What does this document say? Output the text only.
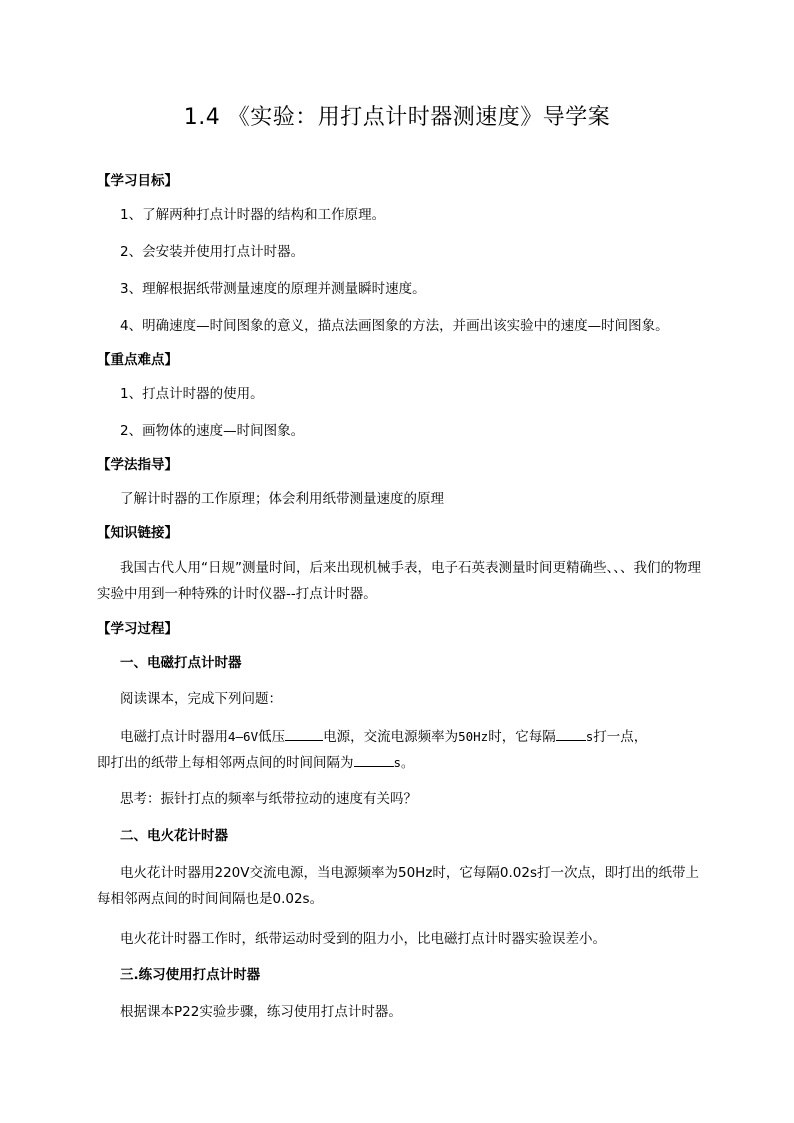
1.4 《实验：用打点计时器测速度》导学案
【学习目标】
1、了解两种打点计时器的结构和工作原理。
2、会安装并使用打点计时器。
3、理解根据纸带测量速度的原理并测量瞬时速度。
4、明确速度—时间图象的意义，描点法画图象的方法，并画出该实验中的速度—时间图象。
【重点难点】
1、打点计时器的使用。
2、画物体的速度—时间图象。
【学法指导】
了解计时器的工作原理；体会利用纸带测量速度的原理
【知识链接】
我国古代人用“日规”测量时间，后来出现机械手表，电子石英表测量时间更精确些、、、我们的物理实验中用到一种特殊的计时仪器--打点计时器。
【学习过程】
一、电磁打点计时器
阅读课本，完成下列问题：
电磁打点计时器用4—6V低压	电源，交流电源频率为50Hz时，它每隔 s打一点，
即打出的纸带上每相邻两点间的时间间隔为	s。
思考：振针打点的频率与纸带拉动的速度有关吗？
二、电火花计时器
电火花计时器用220V交流电源，当电源频率为50Hz时，它每隔0.02s打一次点，即打出的纸带上每相邻两点间的时间间隔也是0.02s。
电火花计时器工作时，纸带运动时受到的阻力小，比电磁打点计时器实验误差小。
三.练习使用打点计时器
根据课本P22实验步骤，练习使用打点计时器。
